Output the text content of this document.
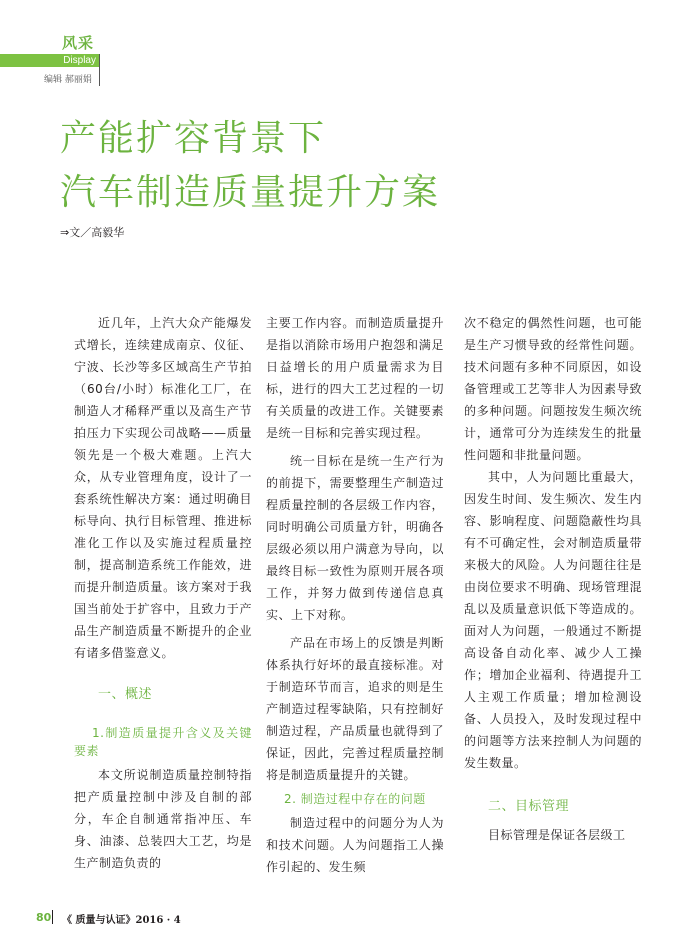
风采
Display
编辑 郝丽娟
产能扩容背景下
汽车制造质量提升方案
⇒文／高毅华

近几年，上汽大众产能爆发式增长，连续建成南京、仪征、宁波、长沙等多区域高生产节拍（60台/小时）标准化工厂，在制造人才稀释严重以及高生产节拍压力下实现公司战略——质量领先是一个极大难题。上汽大众，从专业管理角度，设计了一套系统性解决方案：通过明确目标导向、执行目标管理、推进标准化工作以及实施过程质量控制，提高制造系统工作能效，进而提升制造质量。该方案对于我国当前处于扩容中，且致力于产品生产制造质量不断提升的企业有诸多借鉴意义。

一、概述
1.制造质量提升含义及关键要素

本文所说制造质量控制特指把产质量控制中涉及自制的部分，车企自制通常指冲压、车身、油漆、总装四大工艺，均是生产制造负责的

主要工作内容。而制造质量提升是指以消除市场用户抱怨和满足日益增长的用户质量需求为目标，进行的四大工艺过程的一切有关质量的改进工作。关键要素是统一目标和完善实现过程。

统一目标在是统一生产行为的前提下，需要整理生产制造过程质量控制的各层级工作内容，同时明确公司质量方针，明确各层级必须以用户满意为导向，以最终目标一致性为原则开展各项工作，并努力做到传递信息真实、上下对称。

产品在市场上的反馈是判断体系执行好坏的最直接标准。对于制造环节而言，追求的则是生产制造过程零缺陷，只有控制好制造过程，产品质量也就得到了保证，因此，完善过程质量控制将是制造质量提升的关键。

2. 制造过程中存在的问题

制造过程中的问题分为人为和技术问题。人为问题指工人操作引起的、发生频

次不稳定的偶然性问题，也可能是生产习惯导致的经常性问题。技术问题有多种不同原因，如设备管理或工艺等非人为因素导致的多种问题。问题按发生频次统计，通常可分为连续发生的批量性问题和非批量问题。

其中，人为问题比重最大，因发生时间、发生频次、发生内容、影响程度、问题隐蔽性均具有不可确定性，会对制造质量带来极大的风险。人为问题往往是由岗位要求不明确、现场管理混乱以及质量意识低下等造成的。面对人为问题，一般通过不断提高设备自动化率、减少人工操作；增加企业福利、待遇提升工人主观工作质量；增加检测设备、人员投入，及时发现过程中的问题等方法来控制人为问题的发生数量。

二、目标管理

目标管理是保证各层级工

80 《 质量与认证》2016 · 4
